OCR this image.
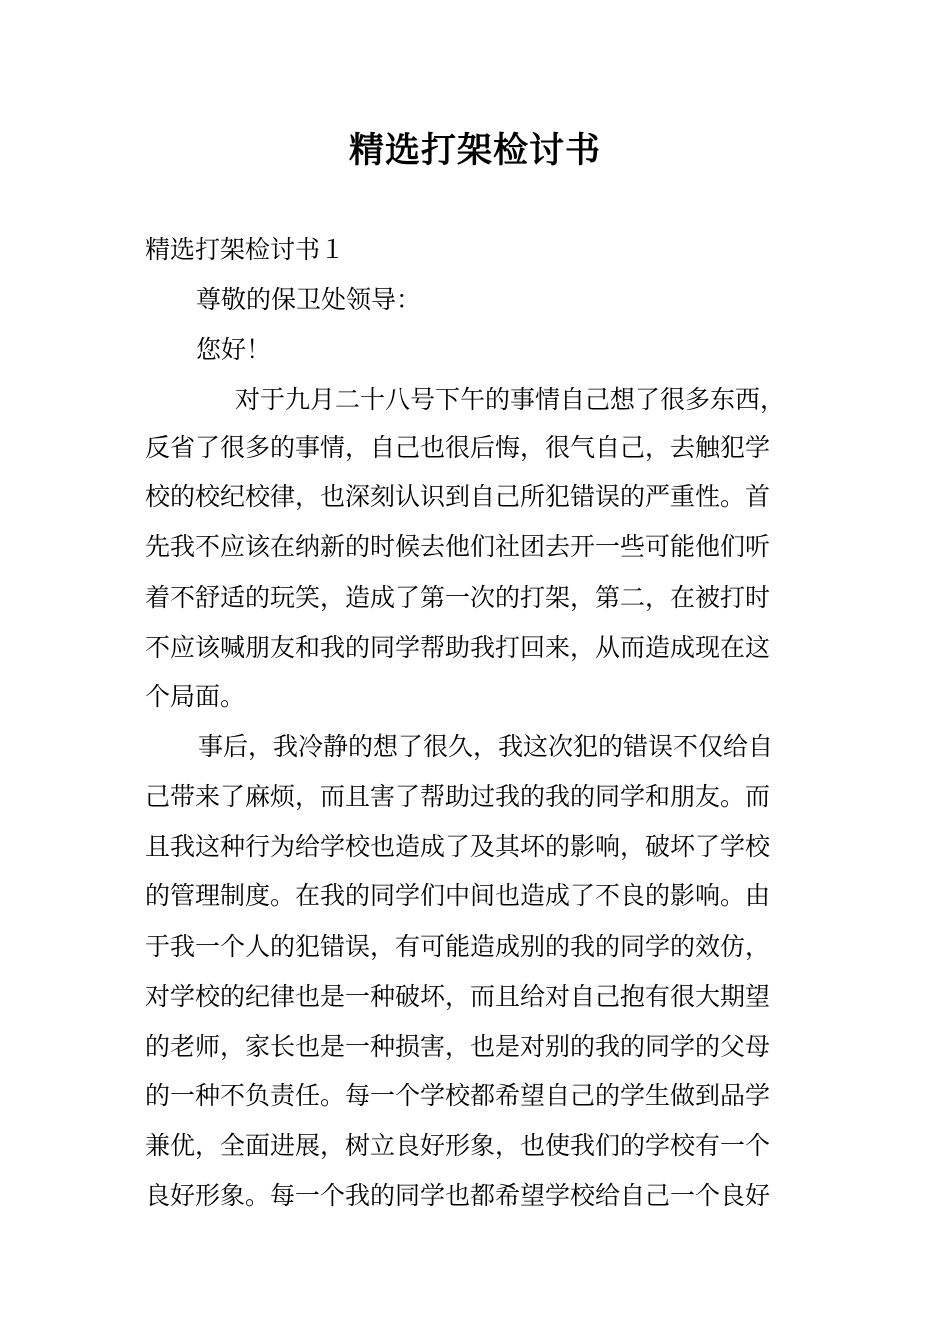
精选打架检讨书
精选打架检讨书１
尊敬的保卫处领导：
您好！
对于九月二十八号下午的事情自己想了很多东西，
反省了很多的事情，自己也很后悔，很气自己，去触犯学
校的校纪校律，也深刻认识到自己所犯错误的严重性。首
先我不应该在纳新的时候去他们社团去开一些可能他们听
着不舒适的玩笑，造成了第一次的打架，第二，在被打时
不应该喊朋友和我的同学帮助我打回来，从而造成现在这
个局面。
事后，我冷静的想了很久，我这次犯的错误不仅给自
己带来了麻烦，而且害了帮助过我的我的同学和朋友。而
且我这种行为给学校也造成了及其坏的影响，破坏了学校
的管理制度。在我的同学们中间也造成了不良的影响。由
于我一个人的犯错误，有可能造成别的我的同学的效仿，
对学校的纪律也是一种破坏，而且给对自己抱有很大期望
的老师，家长也是一种损害，也是对别的我的同学的父母
的一种不负责任。每一个学校都希望自己的学生做到品学
兼优，全面进展，树立良好形象，也使我们的学校有一个
良好形象。每一个我的同学也都希望学校给自己一个良好
